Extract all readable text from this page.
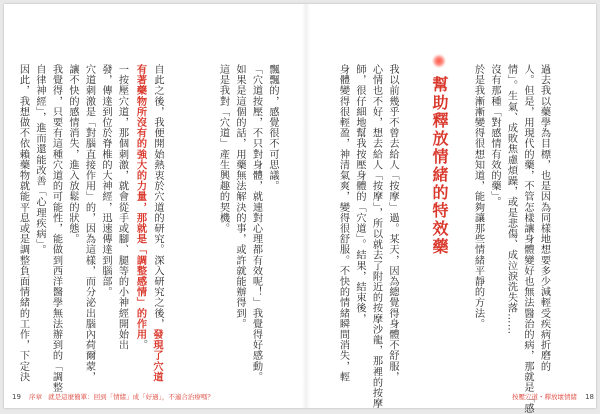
幫助釋放情緒的特效藥	過去我以藥學為目標，也是因為同樣地想要多少減輕受疾病折磨的
人。但是，用現代的藥，不管怎樣讓身體變好也無法醫治的病，那就是「感
情」。生氣、成敗焦慮煩躁，或是悲傷、成泣淚洗失落……
沒有那種「對感情有效的藥」。
於是我漸漸變得很想知道，能夠讓那些情緒平靜的方法。
我以前幾乎不曾去給人「按摩」過。某天，因為總覺得身體不舒服，
心情也不好，想去給人「按摩」，所以就去了附近的按摩沙龍，那裡的按摩
師，很仔細地幫我按壓身體的「穴道」。結果，結束後，
身體變得很輕盈，神清氣爽，變得很舒服。不快的情緒瞬間消失，輕
飄飄的，感覺很不可思議。
「穴道按壓，不只對身體，就連對心理都有效呢！」我覺得好感動。
如果是這個的話，用藥無法解決的事，或許就能辦得到。
這是我對「穴道」產生興趣的契機。
自此之後，我便開始熱衷於穴道的研究。深入研究之後，發現了穴道
有著藥物所沒有的強大的力量，那就是「調整感情」的作用。
一按壓穴道，那個刺激，就會從手或腳、腿等的小神經開始出
發，傳達到位於脊椎的大神經，迅速傳達到腦部。
穴道刺激是「對腦直接作用」的，因為這樣，而分泌出腦內荷爾蒙，
讓不快的感情消失，進入放鬆的狀態。
我覺得，只要有這種穴道的可能性，能做到西洋醫學無法辦到的「調整
自律神經」，進而還能改善「心理疾病」。
因此，我想做不依賴藥物就能平息或是調整負面情緒的工作，下定決
19 序章 就是這麼簡單：回到「情緒」成「好過」，不適合治療嗎？	按壓穴道・釋放壞情緒 18
